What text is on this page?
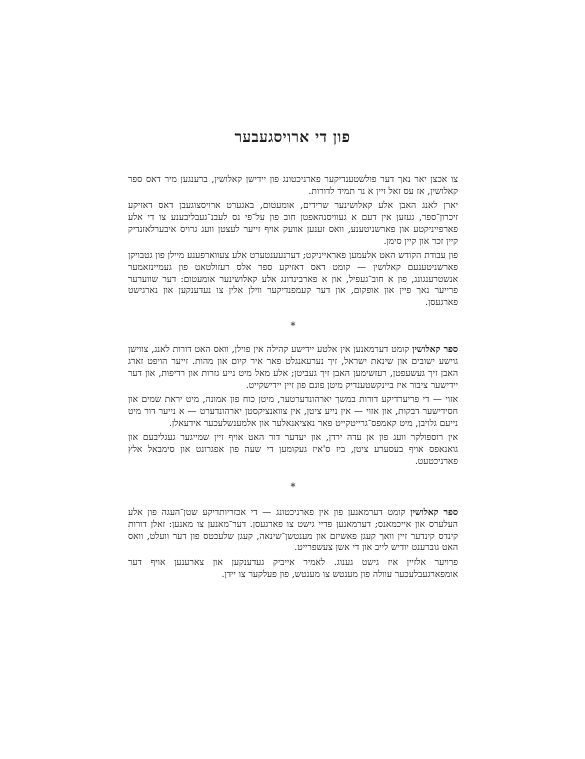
פון די ארויסגעבער

צו אכצן יאר נאך דער פולשטענדיקער פארניכטונג פון יידישן קאלושין, ברענגען מיר דאס ספר קאלושין, אז עס זאל זיין א נר תמיד לדורות.

יארן לאנג האבן אלע קאלושינער שרידים, אומעטום, באגערט ארויסצוגעבן דאס דאזיקע זיכרון־ספר, געזען אין דעם א געוויסנהאפטן חוב פון על־פי נס לעבנ־געבליבענע צו די אלע פארפייניקטע און פארשניטענע, וואס זענען אוועק אויף זייער לעצטן וועג גרויס איבערלאזנדיק קיין זכר און קיין סימן.

פון עבודת הקודש האט אלעמען פאראייניקט; דערנעענטערט אלע צעווארפענע מיילן פון גטבויקן פארשניטענעם קאלושין — קומט דאס דאזיקע ספר אלס רעזולטאט פון געמיינזאמער אנשטרענגונג, פון א חוב־געפיל, און א פארבינדונג אלע קאלושינער אומעטום: דער שווערער פרייער נאך פיין און אופקום, און דער קעמפנדיקער ווילן אלין צו נעדענקען און נארגישט פארגעסן.

*

ספר קאלושין קומט דערמאנען אין אלטע יידישע קהילה אין פוילן, וואס האט דורות לאנג, צווישן גוישע ישובים און שינאת ישראל, זיך נערעאנגלט פאר איר קיום און מהות. זייער הויפט זארג האבן זיך געשעפטן, רעזשימען האבן זיך געביטן; אלע מאל מיט נייע גזרות און רדיפות, און דער יידישער ציבור איז ביינקשטענדיק מיטן פונם פון זיין יידישקייט.

אזוי — די פריערדיקע דורות במשך יארהונדערטער, מיטן כוח פון אמונה, מיט יראת שמים און חסידישער דבקות, און אזוי — אין נייע ציטן, אין צוואנציקסטן יארהונדערט — א נייער דור מיט נייעם גלויבן, מיט קאמפס־גרייטקייט פאר נאציאנאלער און אלמענשלעכער אידעאלן.

אין רוספולקר וועג פון אן עדה ירדן, און יעדער דור האט אויף זיין שמייגער געגליבעם און גואנאפס אויף בעסערע ציטן, ביז ס'איז געקומען די שעה פון אפגרונט און סימבאל אלץ פארניכטעט.

*

ספר קאלושין קומט דערמאנען פון אין פארניכטונג — די אכזריותדיקע שטן־העגה פון אלע העלערס און אייכמאנס; דערמאנען פדיי גישט צו פארגעסן. דער־מאנען צו מאנען: זאלן דורות קינדס קינדער זיין וואך קעגן פאשיזם און מענטשן־שינאה, קעגן שלעכטס פון דער וועלט, וואס האט גוברענט יודיש לייב און די אשן צעשפרייט.

פרויער אלזיין איז גישט גענוג. לאמיר אייביק געדענקען און צארענען אויף דער אומפארגעבלעכער עוולה פון מענטש צו מענטש, פון פעלקער צו יידן.
